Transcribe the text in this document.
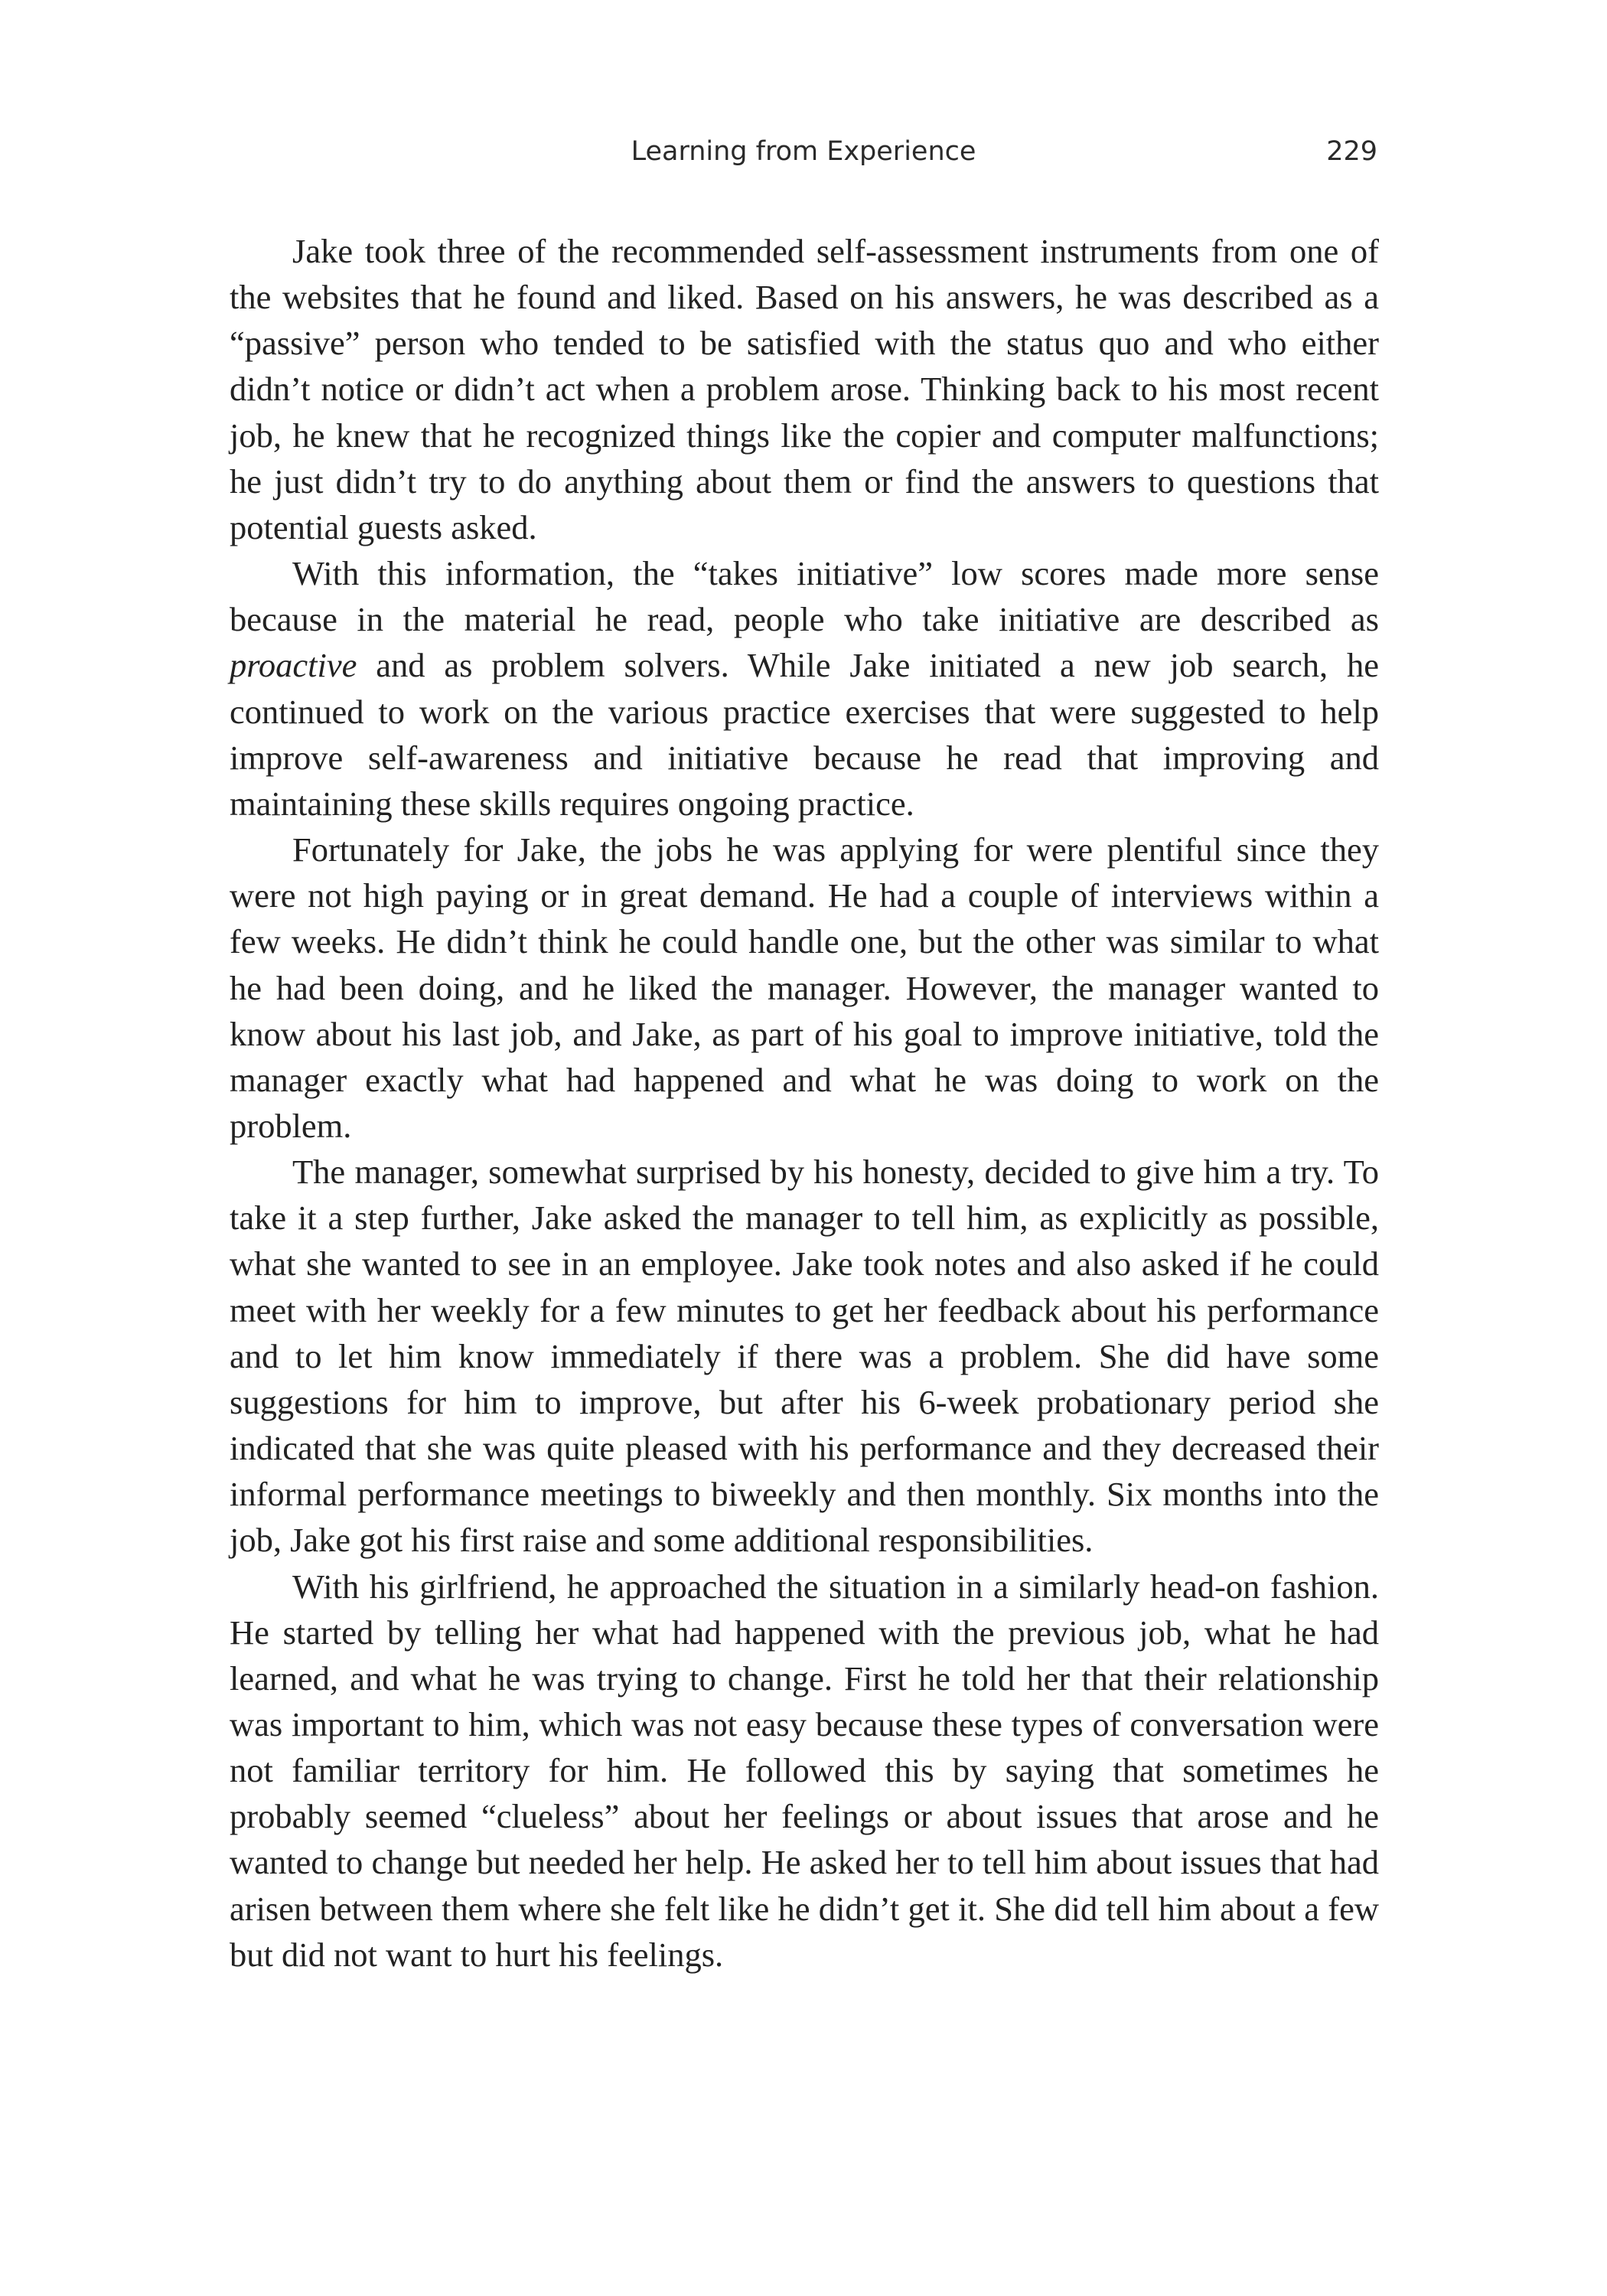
Learning from Experience	229

Jake took three of the recommended self-assessment instruments from one of the websites that he found and liked. Based on his answers, he was described as a “passive” person who tended to be satisfied with the status quo and who either didn’t notice or didn’t act when a problem arose. Thinking back to his most recent job, he knew that he recognized things like the copier and computer malfunctions; he just didn’t try to do anything about them or find the answers to questions that potential guests asked.

With this information, the “takes initiative” low scores made more sense because in the material he read, people who take initiative are described as proactive and as problem solvers. While Jake initiated a new job search, he continued to work on the various practice exercises that were suggested to help improve self-awareness and initiative because he read that improving and maintaining these skills requires ongoing practice.

Fortunately for Jake, the jobs he was applying for were plentiful since they were not high paying or in great demand. He had a couple of interviews within a few weeks. He didn’t think he could handle one, but the other was similar to what he had been doing, and he liked the manager. However, the manager wanted to know about his last job, and Jake, as part of his goal to improve initiative, told the manager exactly what had happened and what he was doing to work on the problem.

The manager, somewhat surprised by his honesty, decided to give him a try. To take it a step further, Jake asked the manager to tell him, as explicitly as possible, what she wanted to see in an employee. Jake took notes and also asked if he could meet with her weekly for a few minutes to get her feedback about his performance and to let him know immediately if there was a problem. She did have some suggestions for him to improve, but after his 6-week probationary period she indicated that she was quite pleased with his performance and they decreased their informal performance meetings to biweekly and then monthly. Six months into the job, Jake got his first raise and some additional responsibilities.

With his girlfriend, he approached the situation in a similarly head-on fashion. He started by telling her what had happened with the previous job, what he had learned, and what he was trying to change. First he told her that their relationship was important to him, which was not easy because these types of conversation were not familiar territory for him. He followed this by saying that sometimes he probably seemed “clueless” about her feelings or about issues that arose and he wanted to change but needed her help. He asked her to tell him about issues that had arisen between them where she felt like he didn’t get it. She did tell him about a few but did not want to hurt his feelings.
